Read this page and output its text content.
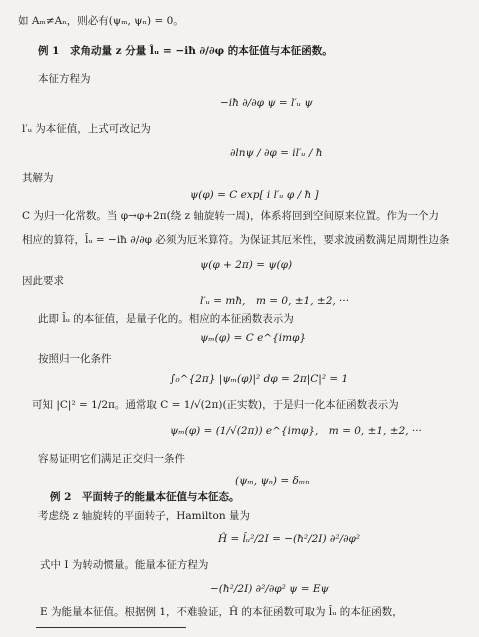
如 Aₘ≠Aₙ，则必有(ψₘ, ψₙ) = 0。
例 1　求角动量 z 分量 l̂ᵤ = −iħ ∂/∂φ 的本征值与本征函数。
本征方程为
−iħ ∂/∂φ ψ = l′ᵤ ψ
l′ᵤ 为本征值，上式可改记为
∂lnψ / ∂φ = il′ᵤ / ħ
其解为
ψ(φ) = C exp[ i l′ᵤ φ / ħ ]
C 为归一化常数。当 φ→φ+2π(绕 z 轴旋转一周)，体系将回到空间原来位置。作为一个力
相应的算符，l̂ᵤ = −iħ ∂/∂φ 必须为厄米算符。为保证其厄米性，要求波函数满足周期性边条
ψ(φ + 2π) = ψ(φ)
因此要求
l′ᵤ = mħ,　m = 0, ±1, ±2, ···
此即 l̂ᵤ 的本征值，是量子化的。相应的本征函数表示为
ψₘ(φ) = C e^{imφ}
按照归一化条件
∫₀^{2π} |ψₘ(φ)|² dφ = 2π|C|² = 1
可知 |C|² = 1/2π。通常取 C = 1/√(2π)(正实数)，于是归一化本征函数表示为
ψₘ(φ) = (1/√(2π)) e^{imφ},　m = 0, ±1, ±2, ···
容易证明它们满足正交归一条件
(ψₘ, ψₙ) = δₘₙ
例 2　平面转子的能量本征值与本征态。
考虑绕 z 轴旋转的平面转子，Hamilton 量为
Ĥ = l̂ᵤ²/2I = −(ħ²/2I) ∂²/∂φ²
式中 I 为转动惯量。能量本征方程为
−(ħ²/2I) ∂²/∂φ² ψ = Eψ
E 为能量本征值。根据例 1，不难验证，Ĥ 的本征函数可取为 l̂ᵤ 的本征函数，
